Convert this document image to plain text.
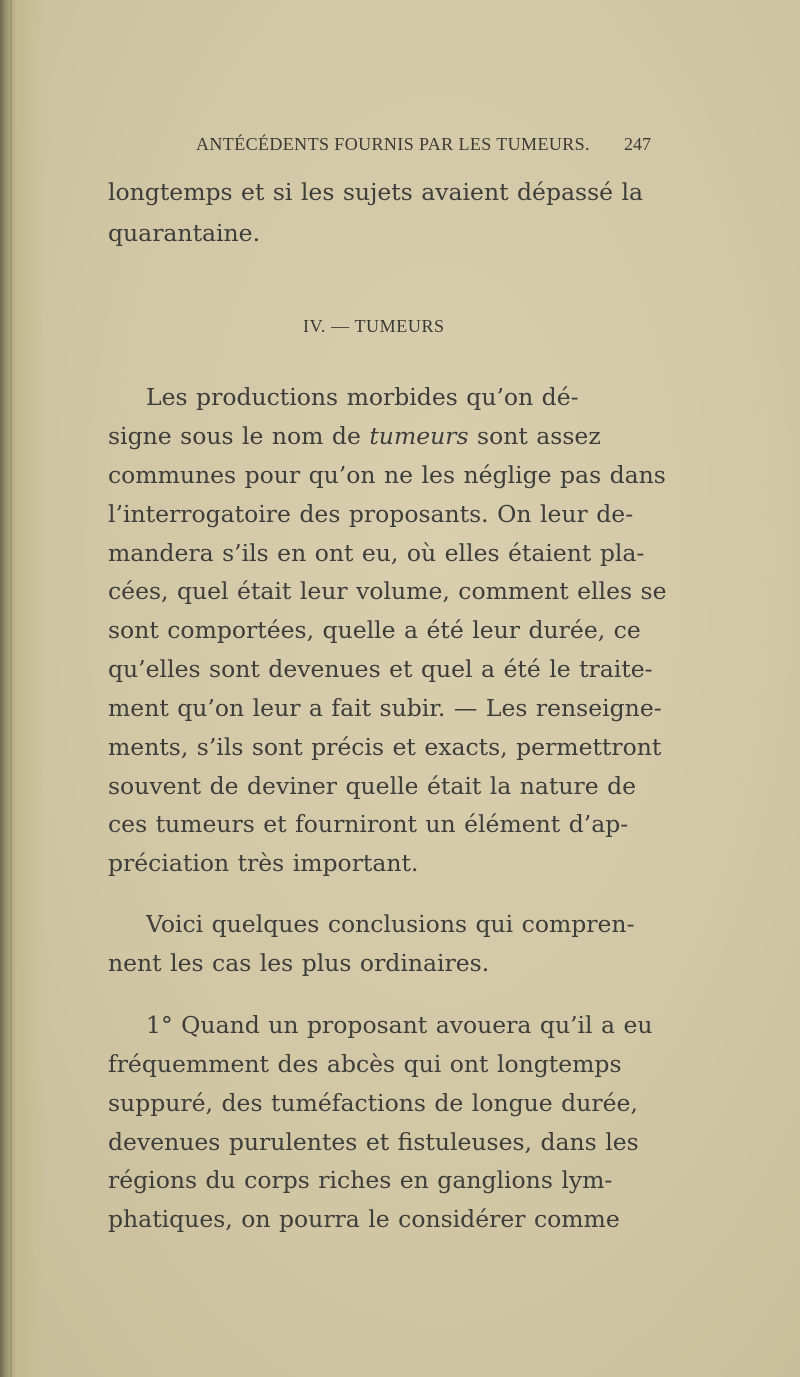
ANTÉCÉDENTS FOURNIS PAR LES TUMEURS. 247
longtemps et si les sujets avaient dépassé la
quarantaine.
IV. — TUMEURS
Les productions morbides qu’on dé-
signe sous le nom de tumeurs sont assez
communes pour qu’on ne les néglige pas dans
l’interrogatoire des proposants. On leur de-
mandera s’ils en ont eu, où elles étaient pla-
cées, quel était leur volume, comment elles se
sont comportées, quelle a été leur durée, ce
qu’elles sont devenues et quel a été le traite-
ment qu’on leur a fait subir. — Les renseigne-
ments, s’ils sont précis et exacts, permettront
souvent de deviner quelle était la nature de
ces tumeurs et fourniront un élément d’ap-
préciation très important.
Voici quelques conclusions qui compren-
nent les cas les plus ordinaires.
1° Quand un proposant avouera qu’il a eu
fréquemment des abcès qui ont longtemps
suppuré, des tuméfactions de longue durée,
devenues purulentes et fistuleuses, dans les
régions du corps riches en ganglions lym-
phatiques, on pourra le considérer comme
